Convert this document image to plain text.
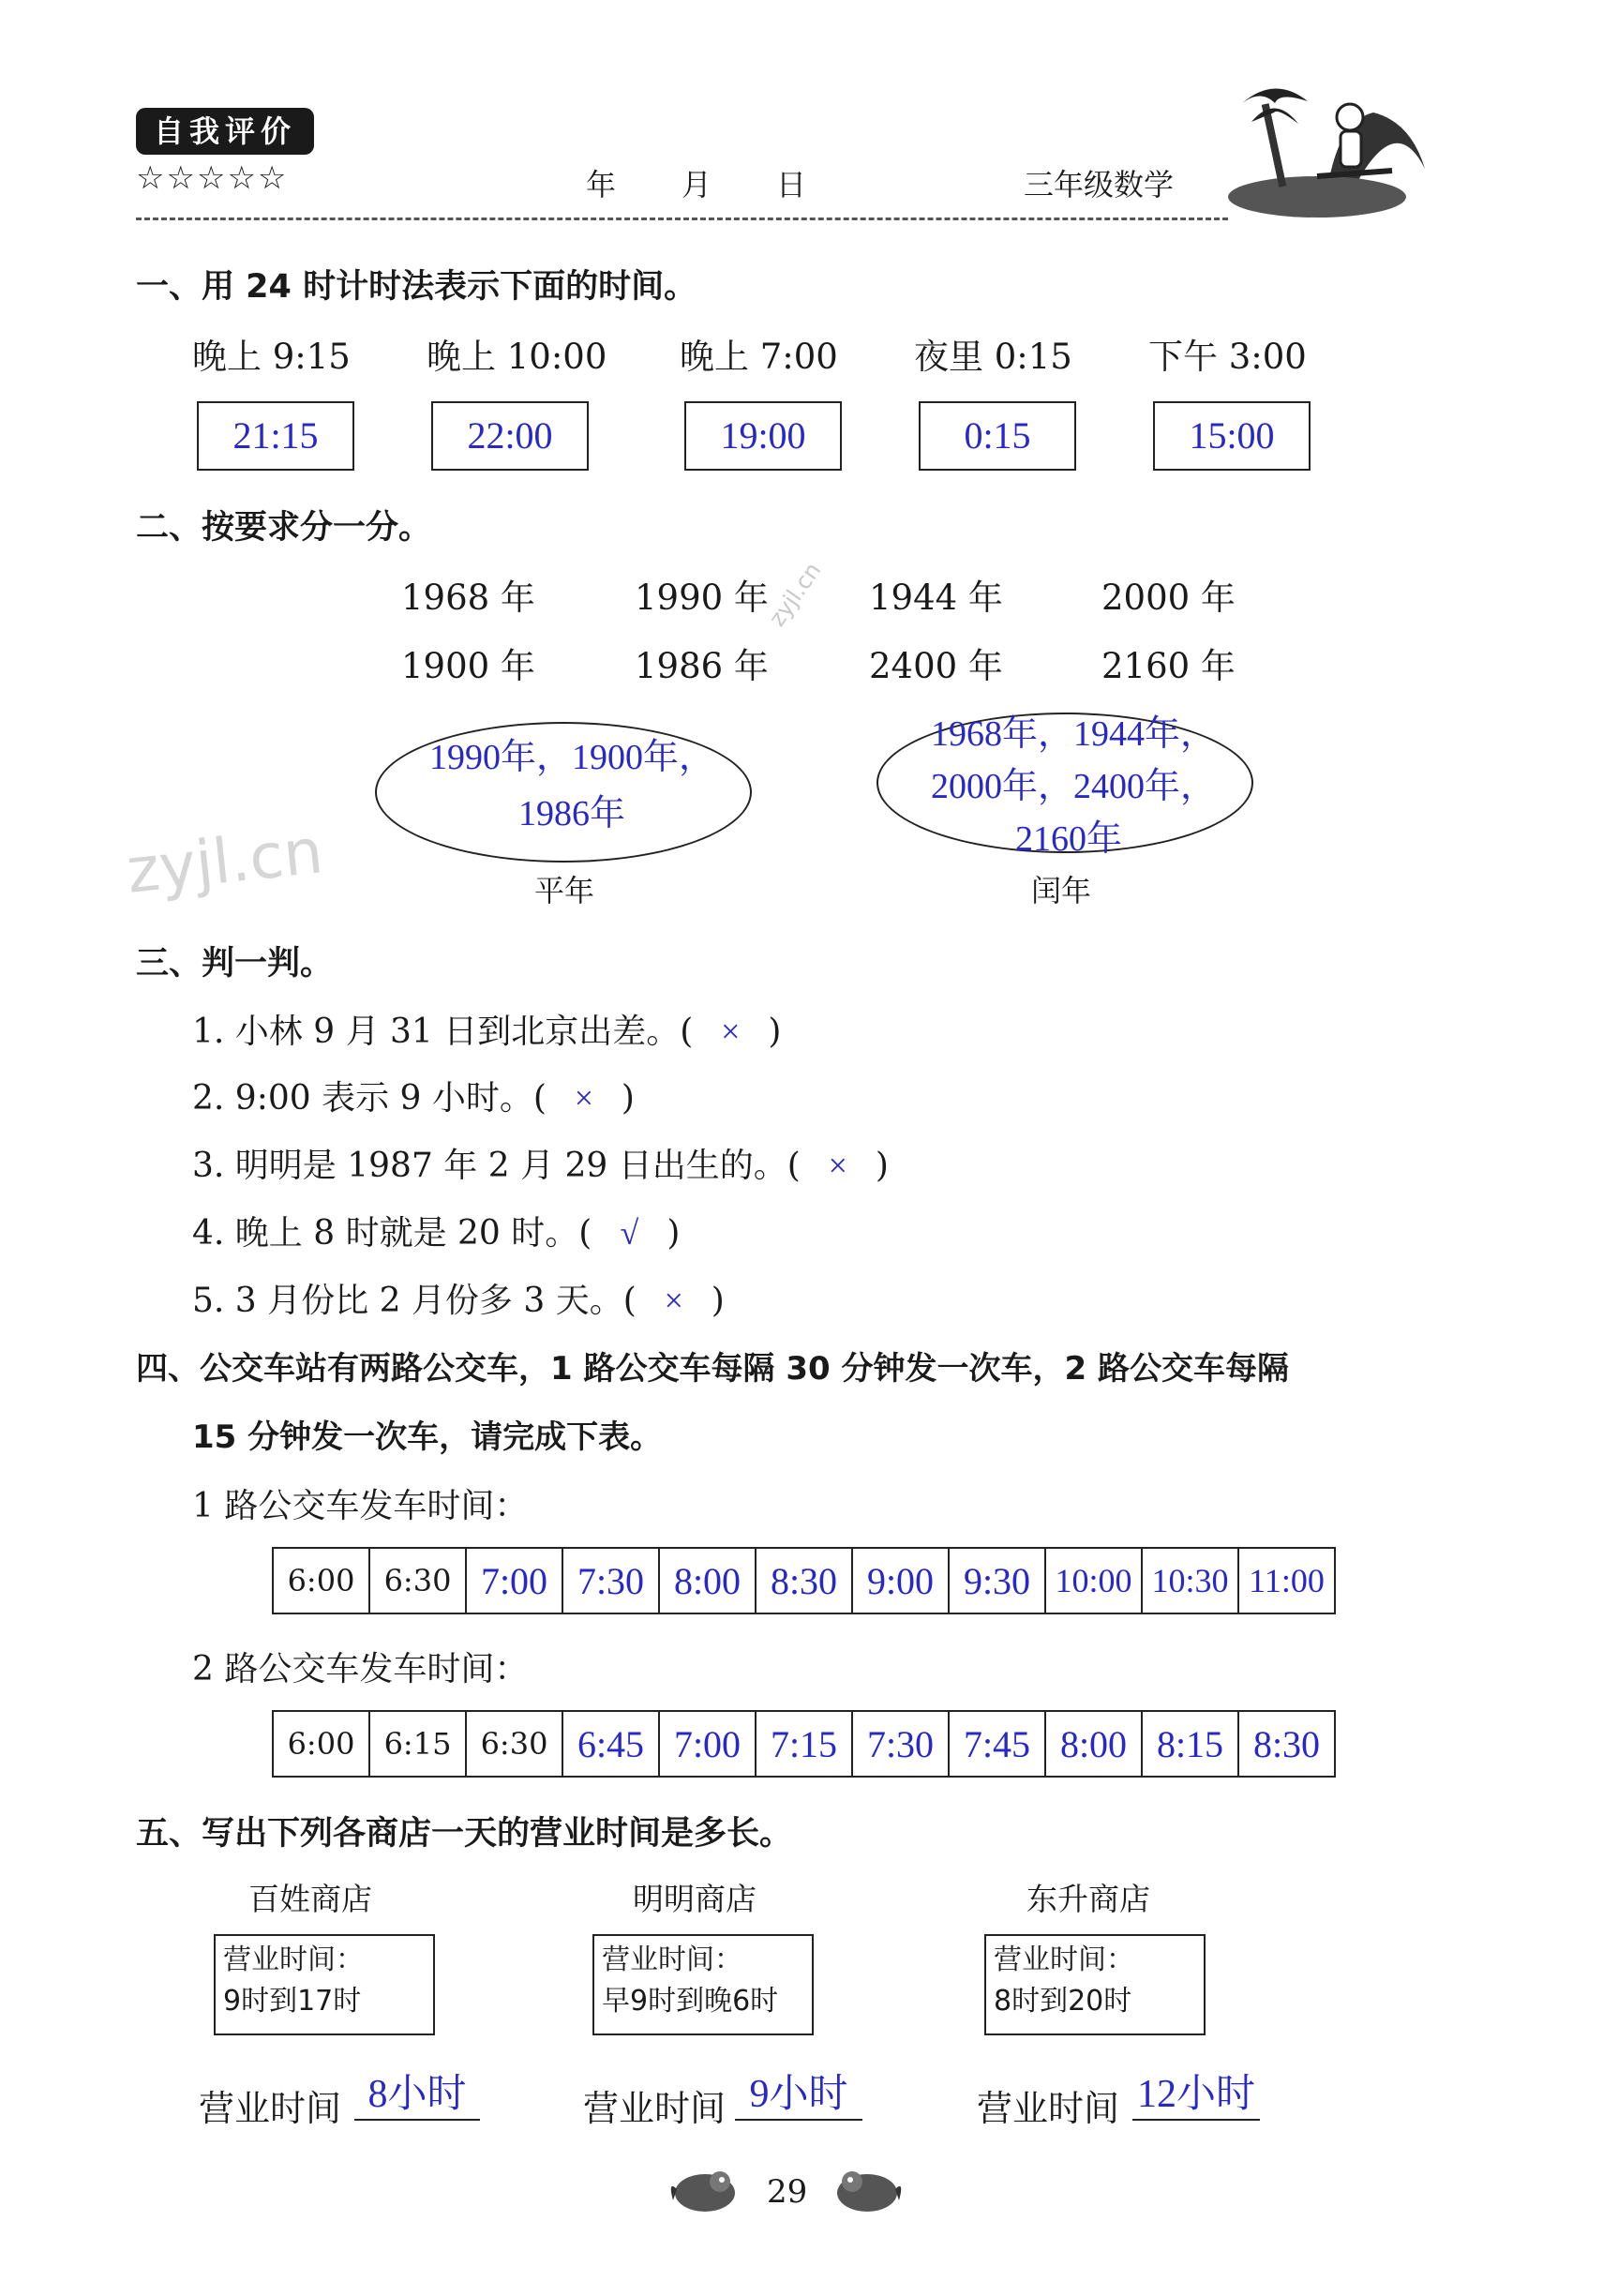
自我评价
☆☆☆☆☆	年 月 日	三年级数学
一、用 24 时计时法表示下面的时间。
晚上 9:15 晚上 10:00 晚上 7:00 夜里 0:15 下午 3:00
21:15	22:00	19:00	0:15	15:00
二、按要求分一分。
1968 年	1990 年	1944 年	2000 年
1900 年	1986 年	2400 年	2160 年
1990年，1900年，
1986年
平年
1968年，1944年，
2000年，2400年，
2160年
闰年
zyjl.cn
zyjl.cn
三、判一判。
1. 小林 9 月 31 日到北京出差。( × )
2. 9:00 表示 9 小时。( × )
3. 明明是 1987 年 2 月 29 日出生的。( × )
4. 晚上 8 时就是 20 时。( √ )
5. 3 月份比 2 月份多 3 天。( × )
四、公交车站有两路公交车，1 路公交车每隔 30 分钟发一次车，2 路公交车每隔
15 分钟发一次车，请完成下表。
1 路公交车发车时间：
6:00	6:30	7:00	7:30	8:00	8:30	9:00	9:30	10:00	10:30	11:00
2 路公交车发车时间：
6:00	6:15	6:30	6:45	7:00	7:15	7:30	7:45	8:00	8:15	8:30
五、写出下列各商店一天的营业时间是多长。
百姓商店	明明商店	东升商店
营业时间：
9时到17时
营业时间：
早9时到晚6时
营业时间：
8时到20时
营业时间 8小时	营业时间 9小时	营业时间 12小时
29
